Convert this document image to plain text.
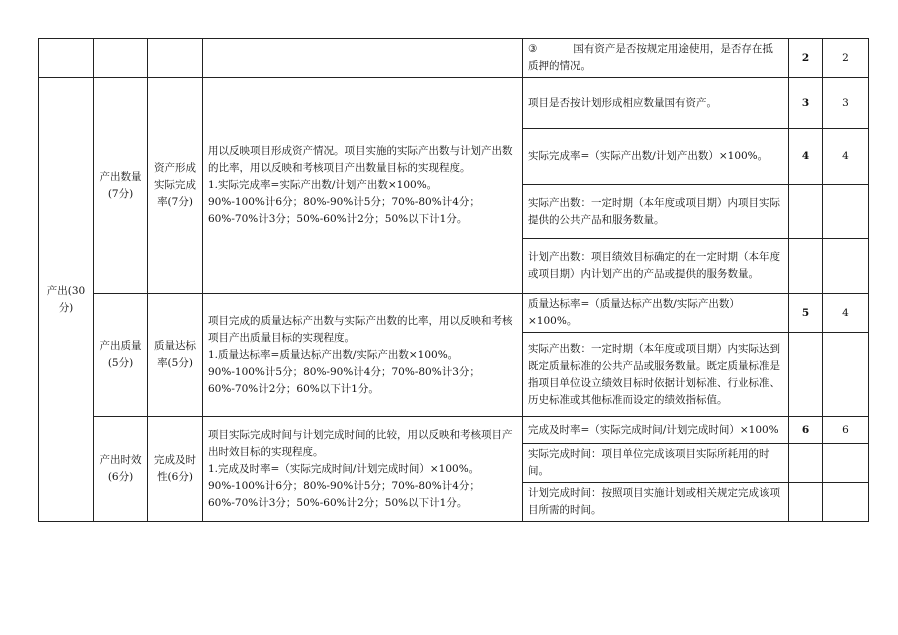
				③ 国有资产是否按规定用途使用，是否存在抵质押的情况。	2	2
产出(30分)	产出数量(7分)	资产形成实际完成率(7分)	用以反映项目形成资产情况。项目实施的实际产出数与计划产出数的比率，用以反映和考核项目产出数量目标的实现程度。
1.实际完成率=实际产出数/计划产出数×100%。
90%-100%计6分；80%-90%计5分；70%-80%计4分；60%-70%计3分；50%-60%计2分；50%以下计1分。	项目是否按计划形成相应数量国有资产。	3	3
				实际完成率=（实际产出数/计划产出数）×100%。	4	4
				实际产出数：一定时期（本年度或项目期）内项目实际提供的公共产品和服务数量。		
				计划产出数：项目绩效目标确定的在一定时期（本年度或项目期）内计划产出的产品或提供的服务数量。		
	产出质量(5分)	质量达标率(5分)	项目完成的质量达标产出数与实际产出数的比率，用以反映和考核项目产出质量目标的实现程度。
1.质量达标率=质量达标产出数/实际产出数×100%。
90%-100%计5分；80%-90%计4分；70%-80%计3分；60%-70%计2分；60%以下计1分。	质量达标率=（质量达标产出数/实际产出数）×100%。	5	4
				实际产出数：一定时期（本年度或项目期）内实际达到既定质量标准的公共产品或服务数量。既定质量标准是指项目单位设立绩效目标时依据计划标准、行业标准、历史标准或其他标准而设定的绩效指标值。		
	产出时效(6分)	完成及时性(6分)	项目实际完成时间与计划完成时间的比较，用以反映和考核项目产出时效目标的实现程度。
1.完成及时率=（实际完成时间/计划完成时间）×100%。
90%-100%计6分；80%-90%计5分；70%-80%计4分；60%-70%计3分；50%-60%计2分；50%以下计1分。	完成及时率=（实际完成时间/计划完成时间）×100%	6	6
				实际完成时间：项目单位完成该项目实际所耗用的时间。		
				计划完成时间：按照项目实施计划或相关规定完成该项目所需的时间。		
